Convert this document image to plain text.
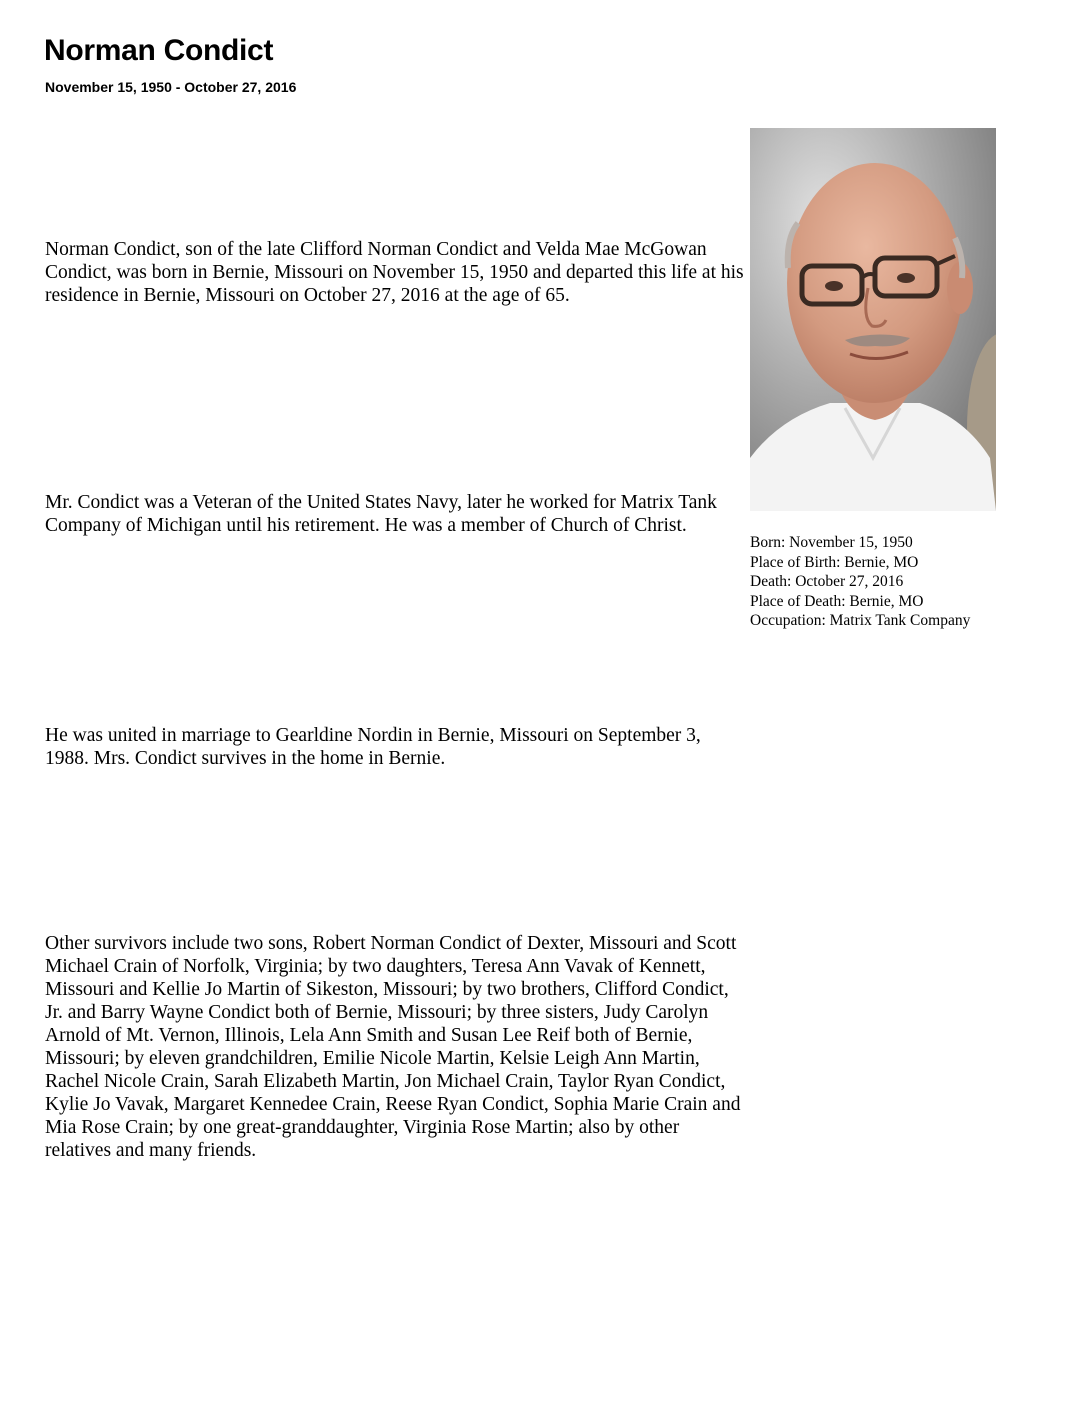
Norman Condict
November 15, 1950 - October 27, 2016

Norman Condict, son of the late Clifford Norman Condict and Velda Mae McGowan Condict, was born in Bernie, Missouri on November 15, 1950 and departed this life at his residence in Bernie, Missouri on October 27, 2016 at the age of 65.

Mr. Condict was a Veteran of the United States Navy, later he worked for Matrix Tank Company of Michigan until his retirement. He was a member of Church of Christ.

He was united in marriage to Gearldine Nordin in Bernie, Missouri on September 3, 1988. Mrs. Condict survives in the home in Bernie.

Other survivors include two sons, Robert Norman Condict of Dexter, Missouri and Scott Michael Crain of Norfolk, Virginia; by two daughters, Teresa Ann Vavak of Kennett, Missouri and Kellie Jo Martin of Sikeston, Missouri; by two brothers, Clifford Condict, Jr. and Barry Wayne Condict both of Bernie, Missouri; by three sisters, Judy Carolyn Arnold of Mt. Vernon, Illinois, Lela Ann Smith and Susan Lee Reif both of Bernie, Missouri; by eleven grandchildren, Emilie Nicole Martin, Kelsie Leigh Ann Martin, Rachel Nicole Crain, Sarah Elizabeth Martin, Jon Michael Crain, Taylor Ryan Condict, Kylie Jo Vavak, Margaret Kennedee Crain, Reese Ryan Condict, Sophia Marie Crain and Mia Rose Crain; by one great-granddaughter, Virginia Rose Martin; also by other relatives and many friends.

Born: November 15, 1950
Place of Birth: Bernie, MO
Death: October 27, 2016
Place of Death: Bernie, MO
Occupation: Matrix Tank Company
